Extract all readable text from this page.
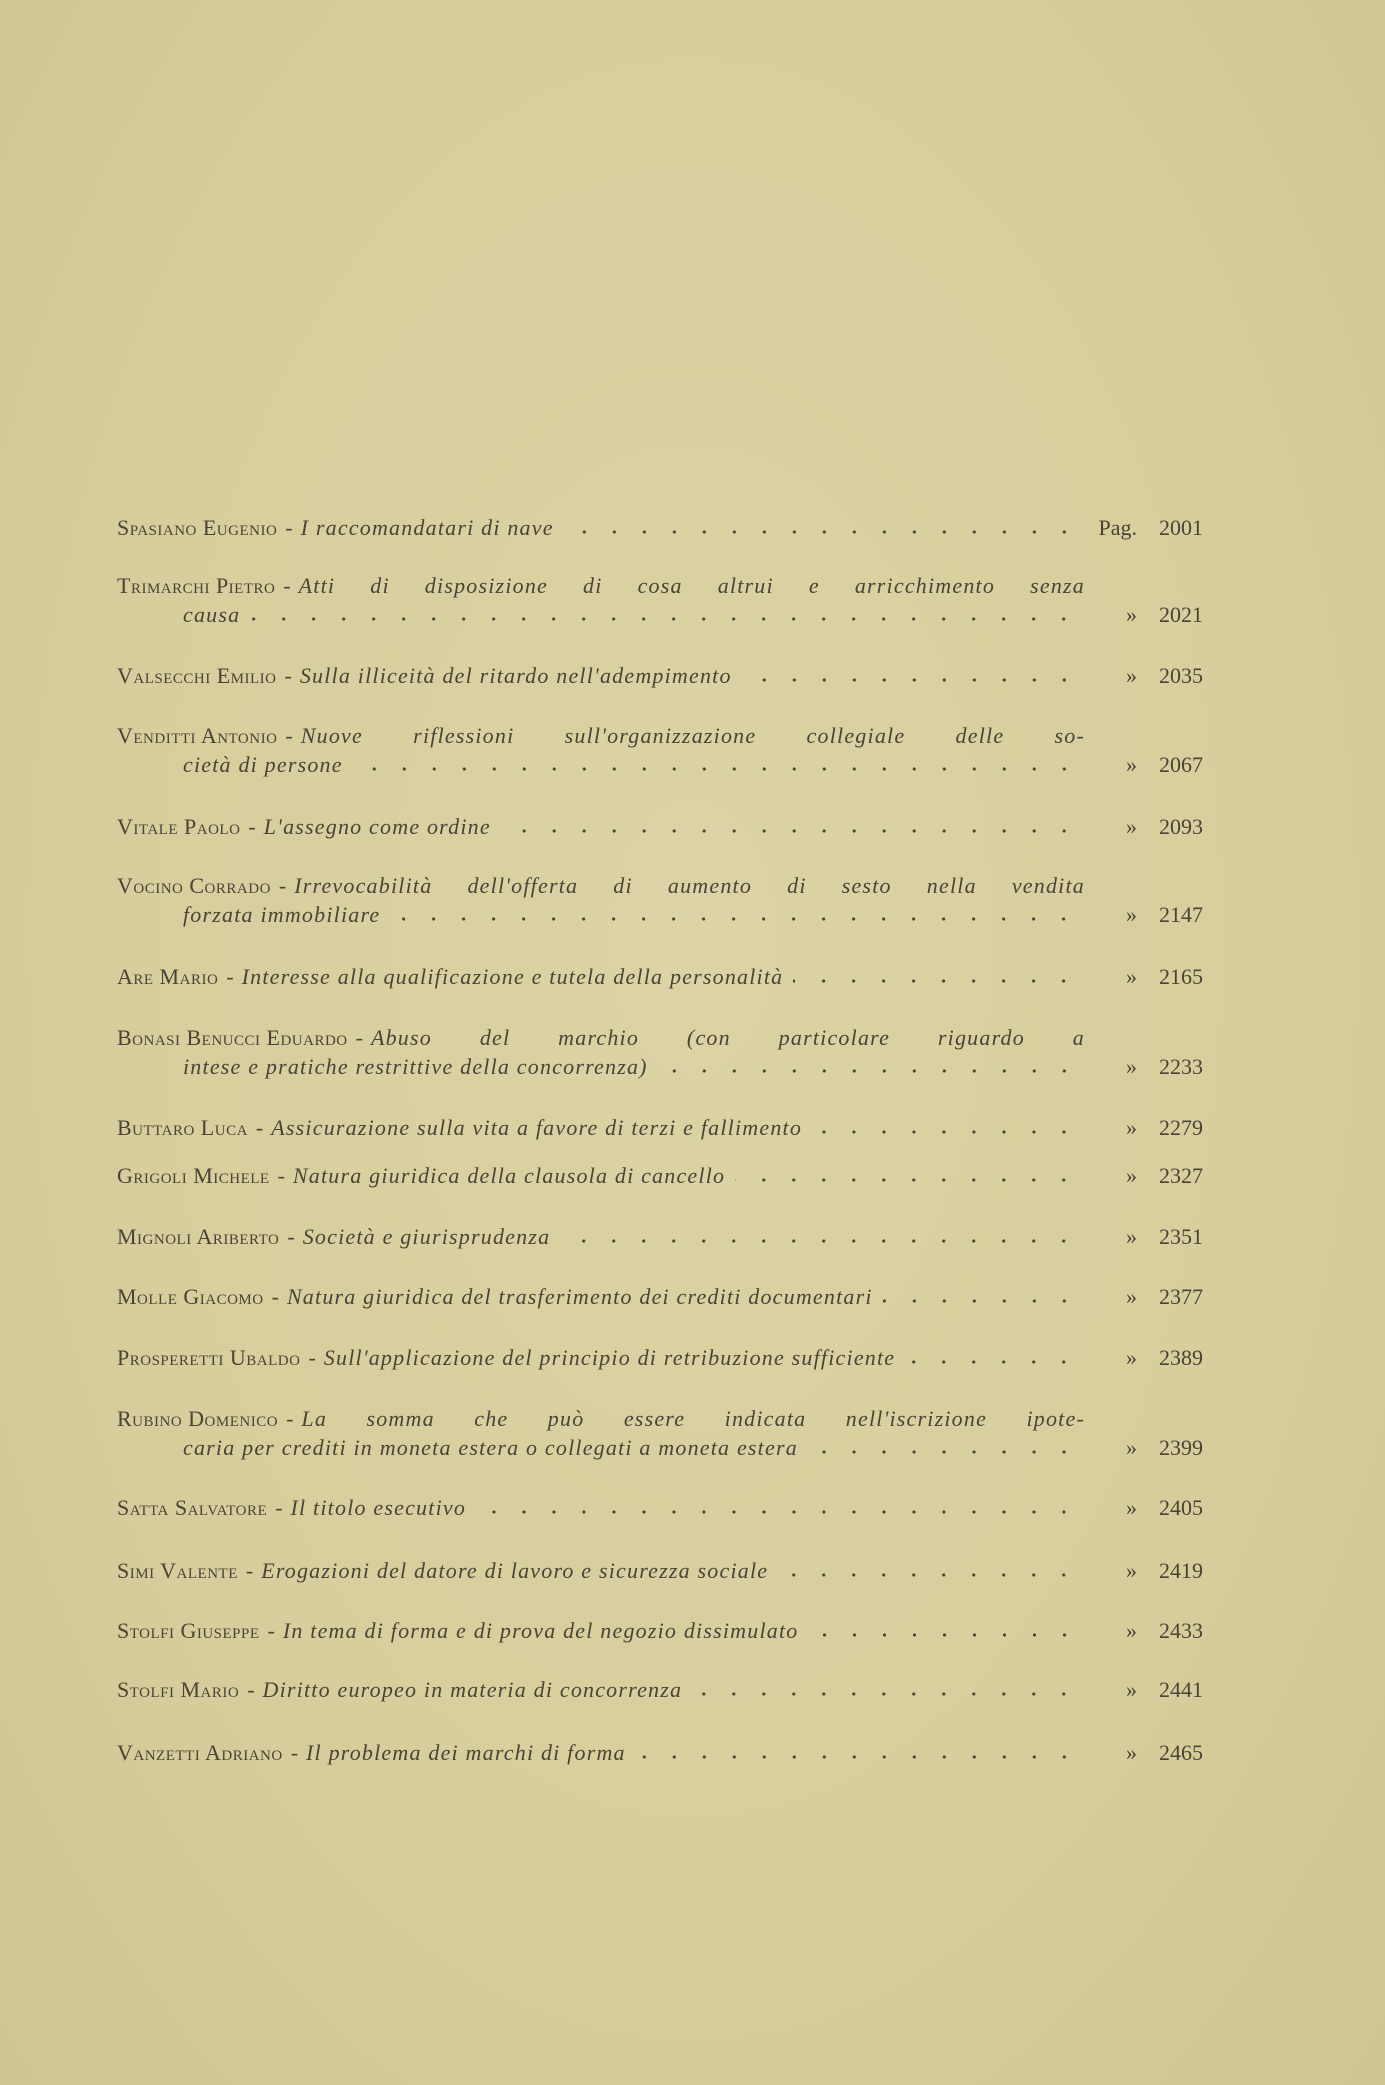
Spasiano Eugenio - I raccomandatari di nave	Pag.	2001
Trimarchi Pietro - Atti di disposizione di cosa altrui e arricchimento senza
causa	»	2021
Valsecchi Emilio - Sulla illiceità del ritardo nell'adempimento	»	2035
Venditti Antonio - Nuove riflessioni sull'organizzazione collegiale delle so-
cietà di persone	»	2067
Vitale Paolo - L'assegno come ordine	»	2093
Vocino Corrado - Irrevocabilità dell'offerta di aumento di sesto nella vendita
forzata immobiliare	»	2147
Are Mario - Interesse alla qualificazione e tutela della personalità	»	2165
Bonasi Benucci Eduardo - Abuso del marchio (con particolare riguardo a
intese e pratiche restrittive della concorrenza)	»	2233
Buttaro Luca - Assicurazione sulla vita a favore di terzi e fallimento	»	2279
Grigoli Michele - Natura giuridica della clausola di cancello	»	2327
Mignoli Ariberto - Società e giurisprudenza	»	2351
Molle Giacomo - Natura giuridica del trasferimento dei crediti documentari	»	2377
Prosperetti Ubaldo - Sull'applicazione del principio di retribuzione sufficiente	»	2389
Rubino Domenico - La somma che può essere indicata nell'iscrizione ipote-
caria per crediti in moneta estera o collegati a moneta estera	»	2399
Satta Salvatore - Il titolo esecutivo	»	2405
Simi Valente - Erogazioni del datore di lavoro e sicurezza sociale	»	2419
Stolfi Giuseppe - In tema di forma e di prova del negozio dissimulato	»	2433
Stolfi Mario - Diritto europeo in materia di concorrenza	»	2441
Vanzetti Adriano - Il problema dei marchi di forma	»	2465
